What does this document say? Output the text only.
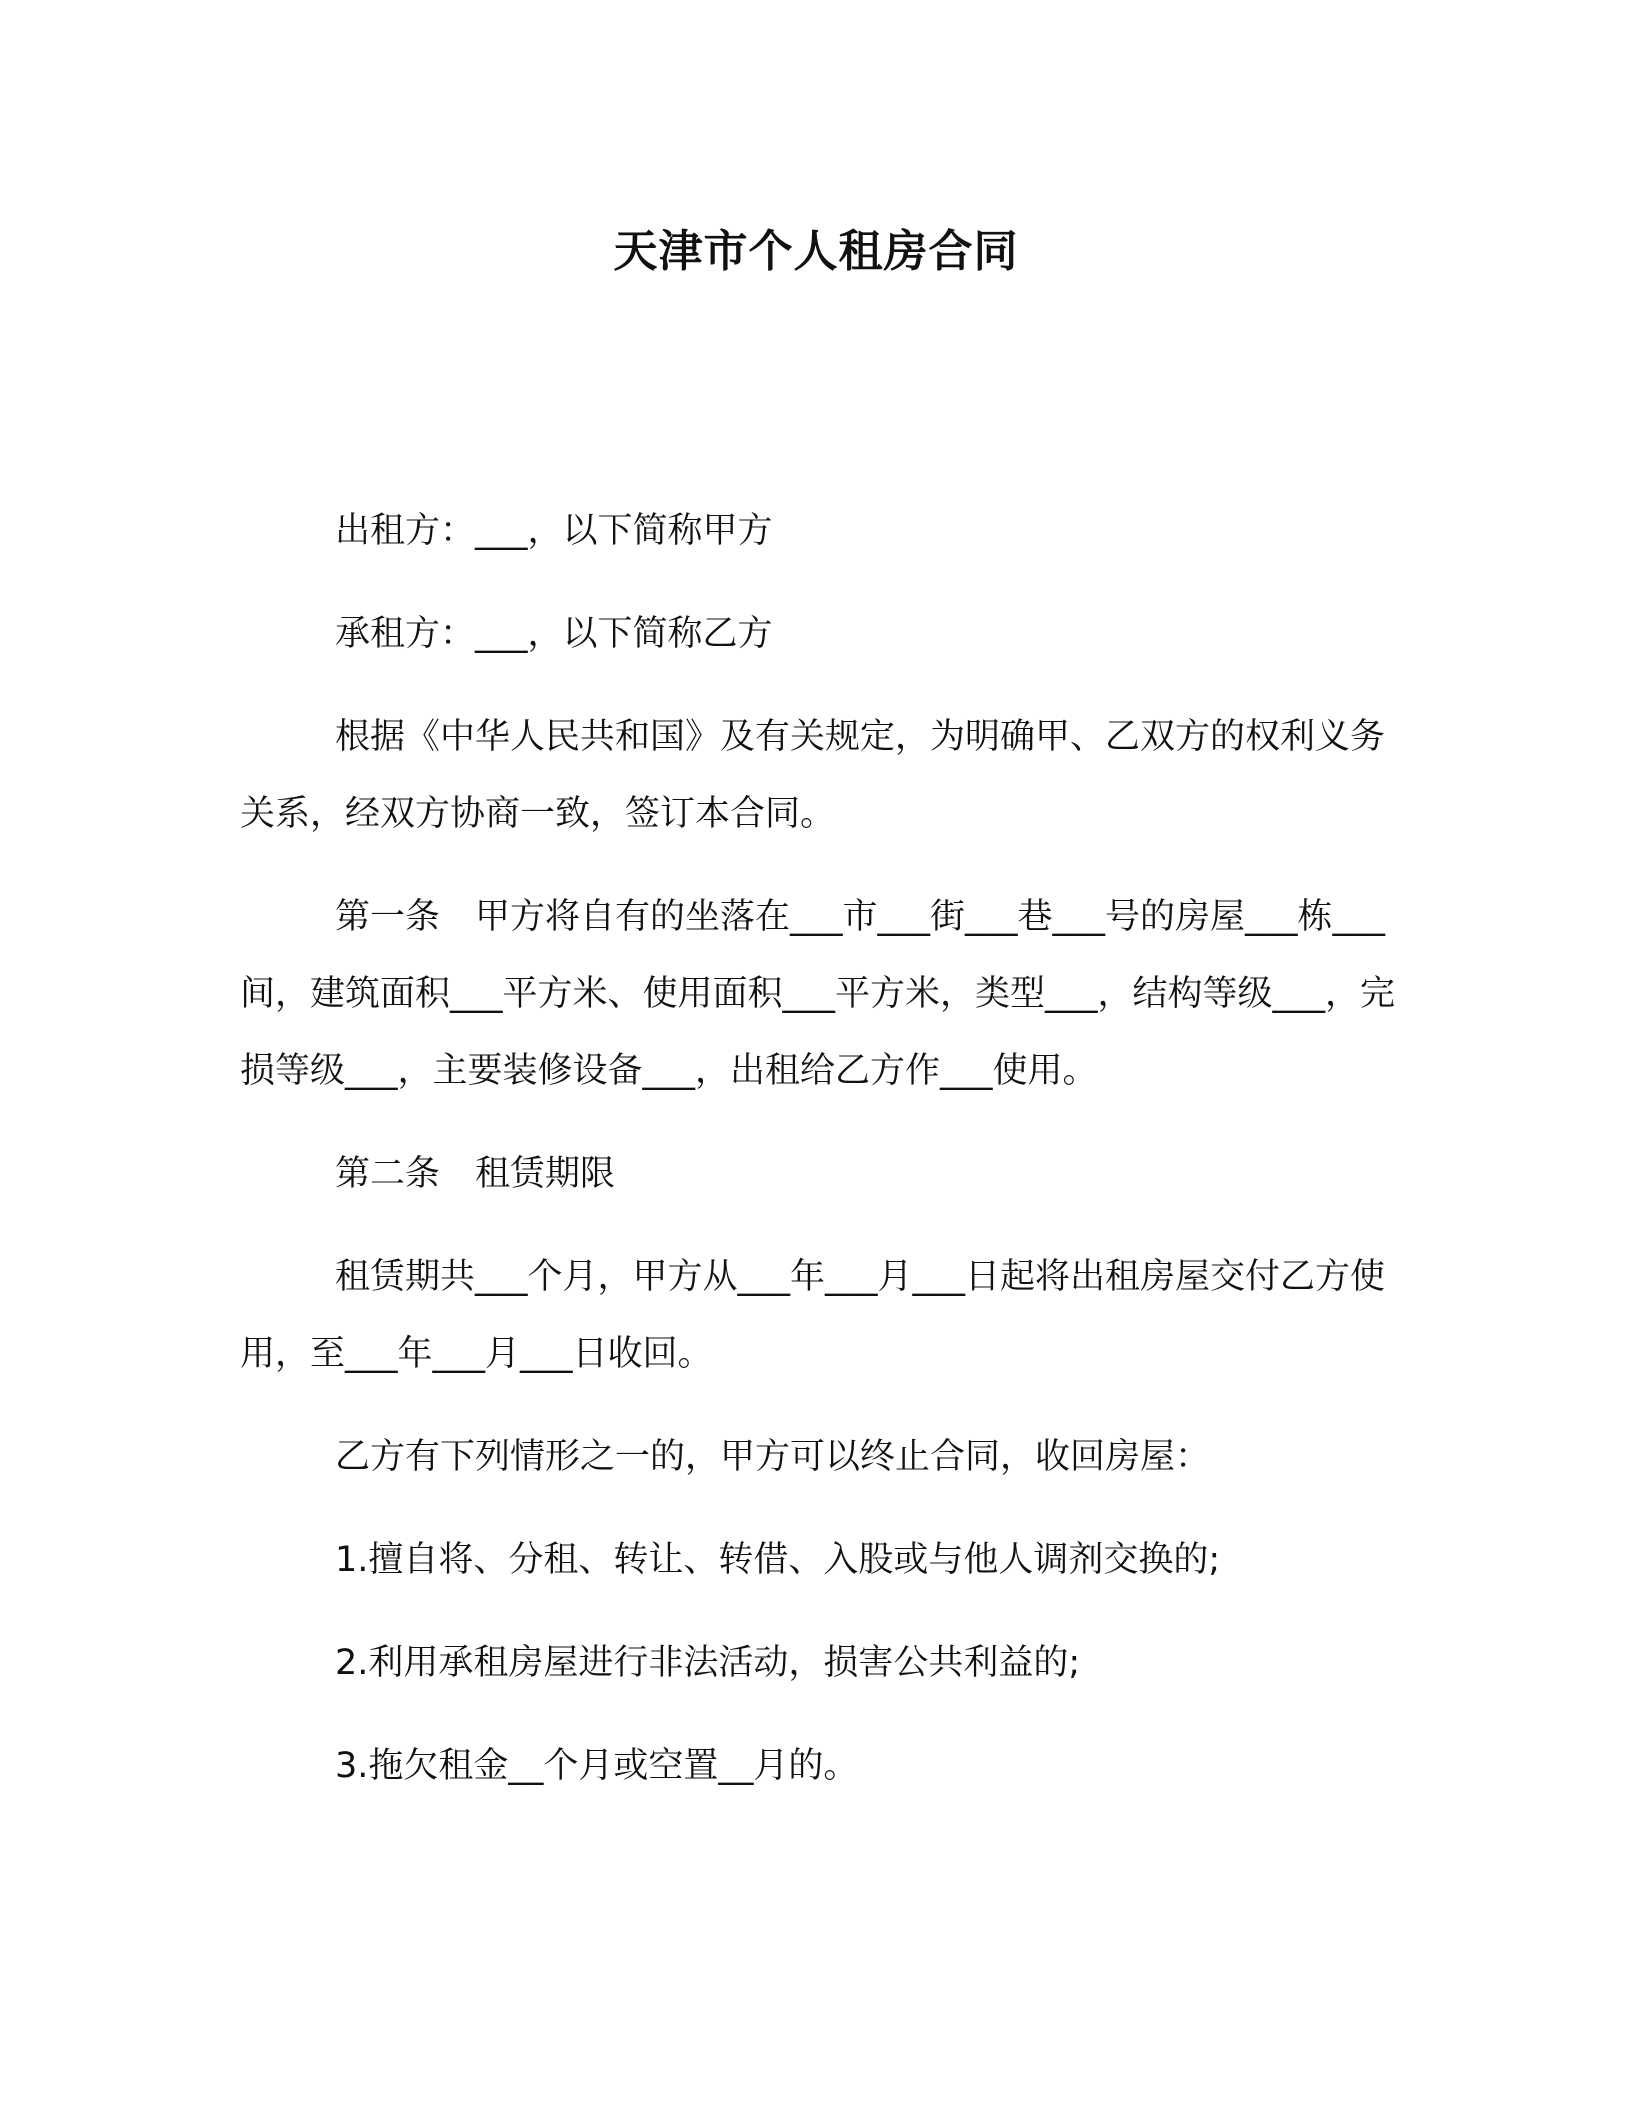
天津市个人租房合同

出租方：___，以下简称甲方

承租方：___，以下简称乙方

根据《中华人民共和国》及有关规定，为明确甲、乙双方的权利义务关系，经双方协商一致，签订本合同。

第一条　甲方将自有的坐落在___市___街___巷___号的房屋___栋___间，建筑面积___平方米、使用面积___平方米，类型___，结构等级___，完损等级___，主要装修设备___，出租给乙方作___使用。

第二条　租赁期限

租赁期共___个月，甲方从___年___月___日起将出租房屋交付乙方使用，至___年___月___日收回。

乙方有下列情形之一的，甲方可以终止合同，收回房屋：

1.擅自将、分租、转让、转借、入股或与他人调剂交换的;

2.利用承租房屋进行非法活动，损害公共利益的;

3.拖欠租金__个月或空置__月的。
